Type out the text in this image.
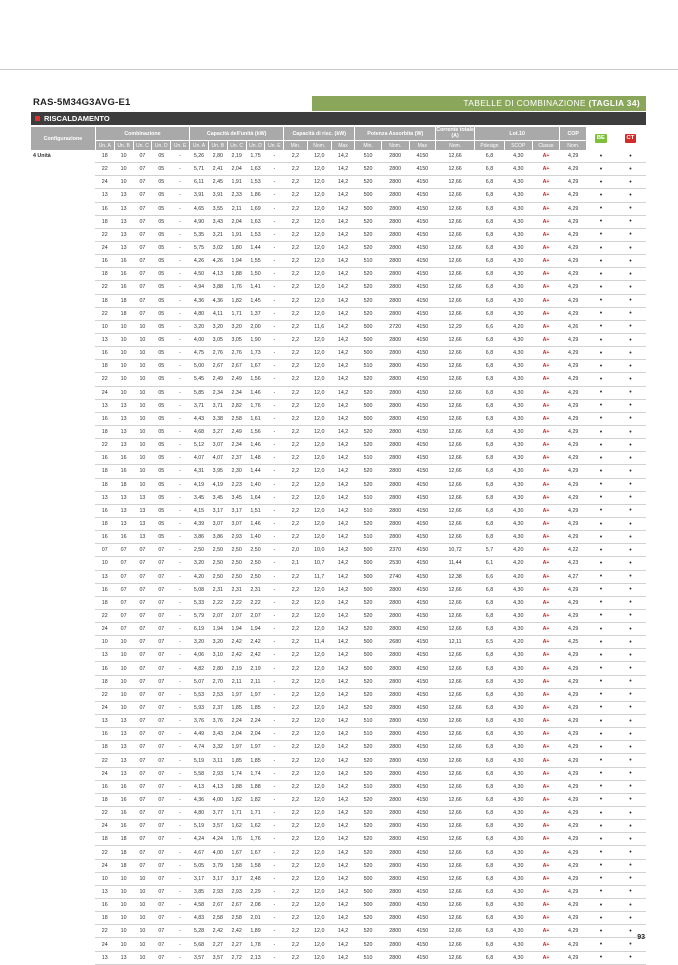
RAS-5M34G3AVG-E1	TABELLE DI COMBINAZIONE (TAGLIA 34)
RISCALDAMENTO
Configurazione	Combinazione					Capacità dell'unità (kW)					Capacità di risc. (kW)			Potenza Assorbita (W)			Corrente totale (A)	Lot.10			COP	BE	CT
	Un. A	Un. B	Un. C	Un. D	Un. E	Un. A	Un. B	Un. C	Un. D	Un. E	Min.	Nom.	Max	Min.	Nom.	Max	Nom.	Pdesign	SCOP	Classe	Nom.		
4 Unità	18	10	07	05	-	5,26	2,80	2,19	1,75	-	2,2	12,0	14,2	510	2800	4150	12,66	6,8	4,30	A+	4,29	•	•
	22	10	07	05	-	5,71	2,41	2,04	1,63	-	2,2	12,0	14,2	520	2800	4150	12,66	6,8	4,30	A+	4,29	•	•
	24	10	07	05	-	6,11	2,45	1,91	1,53	-	2,2	12,0	14,2	520	2800	4150	12,66	6,8	4,30	A+	4,29	•	•
	13	13	07	05	-	3,91	3,91	2,33	1,86	-	2,2	12,0	14,2	500	2800	4150	12,66	6,8	4,30	A+	4,29	•	•
	16	13	07	05	-	4,65	3,55	2,11	1,69	-	2,2	12,0	14,2	500	2800	4150	12,66	6,8	4,30	A+	4,29	•	•
	18	13	07	05	-	4,90	3,43	2,04	1,63	-	2,2	12,0	14,2	520	2800	4150	12,66	6,8	4,30	A+	4,29	•	•
	22	13	07	05	-	5,35	3,21	1,91	1,53	-	2,2	12,0	14,2	520	2800	4150	12,66	6,8	4,30	A+	4,29	•	•
	24	13	07	05	-	5,75	3,02	1,80	1,44	-	2,2	12,0	14,2	520	2800	4150	12,66	6,8	4,30	A+	4,29	•	•
	16	16	07	05	-	4,26	4,26	1,94	1,55	-	2,2	12,0	14,2	510	2800	4150	12,66	6,8	4,30	A+	4,29	•	•
	18	16	07	05	-	4,50	4,13	1,88	1,50	-	2,2	12,0	14,2	520	2800	4150	12,66	6,8	4,30	A+	4,29	•	•
	22	16	07	05	-	4,94	3,88	1,76	1,41	-	2,2	12,0	14,2	520	2800	4150	12,66	6,8	4,30	A+	4,29	•	•
	18	18	07	05	-	4,36	4,36	1,82	1,45	-	2,2	12,0	14,2	520	2800	4150	12,66	6,8	4,30	A+	4,29	•	•
	22	18	07	05	-	4,80	4,11	1,71	1,37	-	2,2	12,0	14,2	520	2800	4150	12,66	6,8	4,30	A+	4,29	•	•
	10	10	10	05	-	3,20	3,20	3,20	2,00	-	2,2	11,6	14,2	500	2720	4150	12,29	6,6	4,20	A+	4,26	•	•
	13	10	10	05	-	4,00	3,05	3,05	1,90	-	2,2	12,0	14,2	500	2800	4150	12,66	6,8	4,30	A+	4,29	•	•
	16	10	10	05	-	4,75	2,76	2,76	1,73	-	2,2	12,0	14,2	500	2800	4150	12,66	6,8	4,30	A+	4,29	•	•
	18	10	10	05	-	5,00	2,67	2,67	1,67	-	2,2	12,0	14,2	510	2800	4150	12,66	6,8	4,30	A+	4,29	•	•
	22	10	10	05	-	5,45	2,49	2,49	1,56	-	2,2	12,0	14,2	520	2800	4150	12,66	6,8	4,30	A+	4,29	•	•
	24	10	10	05	-	5,85	2,34	2,34	1,46	-	2,2	12,0	14,2	520	2800	4150	12,66	6,8	4,30	A+	4,29	•	•
	13	13	10	05	-	3,71	3,71	2,82	1,76	-	2,2	12,0	14,2	500	2800	4150	12,66	6,8	4,30	A+	4,29	•	•
	16	13	10	05	-	4,43	3,38	2,58	1,61	-	2,2	12,0	14,2	500	2800	4150	12,66	6,8	4,30	A+	4,29	•	•
	18	13	10	05	-	4,68	3,27	2,49	1,56	-	2,2	12,0	14,2	520	2800	4150	12,66	6,8	4,30	A+	4,29	•	•
	22	13	10	05	-	5,12	3,07	2,34	1,46	-	2,2	12,0	14,2	520	2800	4150	12,66	6,8	4,30	A+	4,29	•	•
	16	16	10	05	-	4,07	4,07	2,37	1,48	-	2,2	12,0	14,2	510	2800	4150	12,66	6,8	4,30	A+	4,29	•	•
	18	16	10	05	-	4,31	3,95	2,30	1,44	-	2,2	12,0	14,2	520	2800	4150	12,66	6,8	4,30	A+	4,29	•	•
	18	18	10	05	-	4,19	4,19	2,23	1,40	-	2,2	12,0	14,2	520	2800	4150	12,66	6,8	4,30	A+	4,29	•	•
	13	13	13	05	-	3,45	3,45	3,45	1,64	-	2,2	12,0	14,2	510	2800	4150	12,66	6,8	4,30	A+	4,29	•	•
	16	13	13	05	-	4,15	3,17	3,17	1,51	-	2,2	12,0	14,2	510	2800	4150	12,66	6,8	4,30	A+	4,29	•	•
	18	13	13	05	-	4,39	3,07	3,07	1,46	-	2,2	12,0	14,2	520	2800	4150	12,66	6,8	4,30	A+	4,29	•	•
	16	16	13	05	-	3,86	3,86	2,93	1,40	-	2,2	12,0	14,2	510	2800	4150	12,66	6,8	4,30	A+	4,29	•	•
	07	07	07	07	-	2,50	2,50	2,50	2,50	-	2,0	10,0	14,2	500	2370	4150	10,72	5,7	4,20	A+	4,22	•	•
	10	07	07	07	-	3,20	2,50	2,50	2,50	-	2,1	10,7	14,2	500	2530	4150	11,44	6,1	4,20	A+	4,23	•	•
	13	07	07	07	-	4,20	2,50	2,50	2,50	-	2,2	11,7	14,2	500	2740	4150	12,38	6,6	4,20	A+	4,27	•	•
	16	07	07	07	-	5,08	2,31	2,31	2,31	-	2,2	12,0	14,2	500	2800	4150	12,66	6,8	4,30	A+	4,29	•	•
	18	07	07	07	-	5,33	2,22	2,22	2,22	-	2,2	12,0	14,2	520	2800	4150	12,66	6,8	4,30	A+	4,29	•	•
	22	07	07	07	-	5,79	2,07	2,07	2,07	-	2,2	12,0	14,2	520	2800	4150	12,66	6,8	4,30	A+	4,29	•	•
	24	07	07	07	-	6,19	1,94	1,94	1,94	-	2,2	12,0	14,2	520	2800	4150	12,66	6,8	4,30	A+	4,29	•	•
	10	10	07	07	-	3,20	3,20	2,42	2,42	-	2,2	11,4	14,2	500	2680	4150	12,11	6,5	4,20	A+	4,25	•	•
	13	10	07	07	-	4,06	3,10	2,42	2,42	-	2,2	12,0	14,2	500	2800	4150	12,66	6,8	4,30	A+	4,29	•	•
	16	10	07	07	-	4,82	2,80	2,19	2,19	-	2,2	12,0	14,2	500	2800	4150	12,66	6,8	4,30	A+	4,29	•	•
	18	10	07	07	-	5,07	2,70	2,11	2,11	-	2,2	12,0	14,2	520	2800	4150	12,66	6,8	4,30	A+	4,29	•	•
	22	10	07	07	-	5,53	2,53	1,97	1,97	-	2,2	12,0	14,2	520	2800	4150	12,66	6,8	4,30	A+	4,29	•	•
	24	10	07	07	-	5,93	2,37	1,85	1,85	-	2,2	12,0	14,2	520	2800	4150	12,66	6,8	4,30	A+	4,29	•	•
	13	13	07	07	-	3,76	3,76	2,24	2,24	-	2,2	12,0	14,2	510	2800	4150	12,66	6,8	4,30	A+	4,29	•	•
	16	13	07	07	-	4,49	3,43	2,04	2,04	-	2,2	12,0	14,2	510	2800	4150	12,66	6,8	4,30	A+	4,29	•	•
	18	13	07	07	-	4,74	3,32	1,97	1,97	-	2,2	12,0	14,2	520	2800	4150	12,66	6,8	4,30	A+	4,29	•	•
	22	13	07	07	-	5,19	3,11	1,85	1,85	-	2,2	12,0	14,2	520	2800	4150	12,66	6,8	4,30	A+	4,29	•	•
	24	13	07	07	-	5,58	2,93	1,74	1,74	-	2,2	12,0	14,2	520	2800	4150	12,66	6,8	4,30	A+	4,29	•	•
	16	16	07	07	-	4,13	4,13	1,88	1,88	-	2,2	12,0	14,2	510	2800	4150	12,66	6,8	4,30	A+	4,29	•	•
	18	16	07	07	-	4,36	4,00	1,82	1,82	-	2,2	12,0	14,2	520	2800	4150	12,66	6,8	4,30	A+	4,29	•	•
	22	16	07	07	-	4,80	3,77	1,71	1,71	-	2,2	12,0	14,2	520	2800	4150	12,66	6,8	4,30	A+	4,29	•	•
	24	16	07	07	-	5,19	3,57	1,62	1,62	-	2,2	12,0	14,2	520	2800	4150	12,66	6,8	4,30	A+	4,29	•	•
	18	18	07	07	-	4,24	4,24	1,76	1,76	-	2,2	12,0	14,2	520	2800	4150	12,66	6,8	4,30	A+	4,29	•	•
	22	18	07	07	-	4,67	4,00	1,67	1,67	-	2,2	12,0	14,2	520	2800	4150	12,66	6,8	4,30	A+	4,29	•	•
	24	18	07	07	-	5,05	3,79	1,58	1,58	-	2,2	12,0	14,2	520	2800	4150	12,66	6,8	4,30	A+	4,29	•	•
	10	10	10	07	-	3,17	3,17	3,17	2,48	-	2,2	12,0	14,2	500	2800	4150	12,66	6,8	4,30	A+	4,29	•	•
	13	10	10	07	-	3,85	2,93	2,93	2,29	-	2,2	12,0	14,2	500	2800	4150	12,66	6,8	4,30	A+	4,29	•	•
	16	10	10	07	-	4,58	2,67	2,67	2,08	-	2,2	12,0	14,2	500	2800	4150	12,66	6,8	4,30	A+	4,29	•	•
	18	10	10	07	-	4,83	2,58	2,58	2,01	-	2,2	12,0	14,2	520	2800	4150	12,66	6,8	4,30	A+	4,29	•	•
	22	10	10	07	-	5,28	2,42	2,42	1,89	-	2,2	12,0	14,2	520	2800	4150	12,66	6,8	4,30	A+	4,29	•	•
	24	10	10	07	-	5,68	2,27	2,27	1,78	-	2,2	12,0	14,2	520	2800	4150	12,66	6,8	4,30	A+	4,29	•	•
	13	13	10	07	-	3,57	3,57	2,72	2,13	-	2,2	12,0	14,2	510	2800	4150	12,66	6,8	4,30	A+	4,29	•	•
93
